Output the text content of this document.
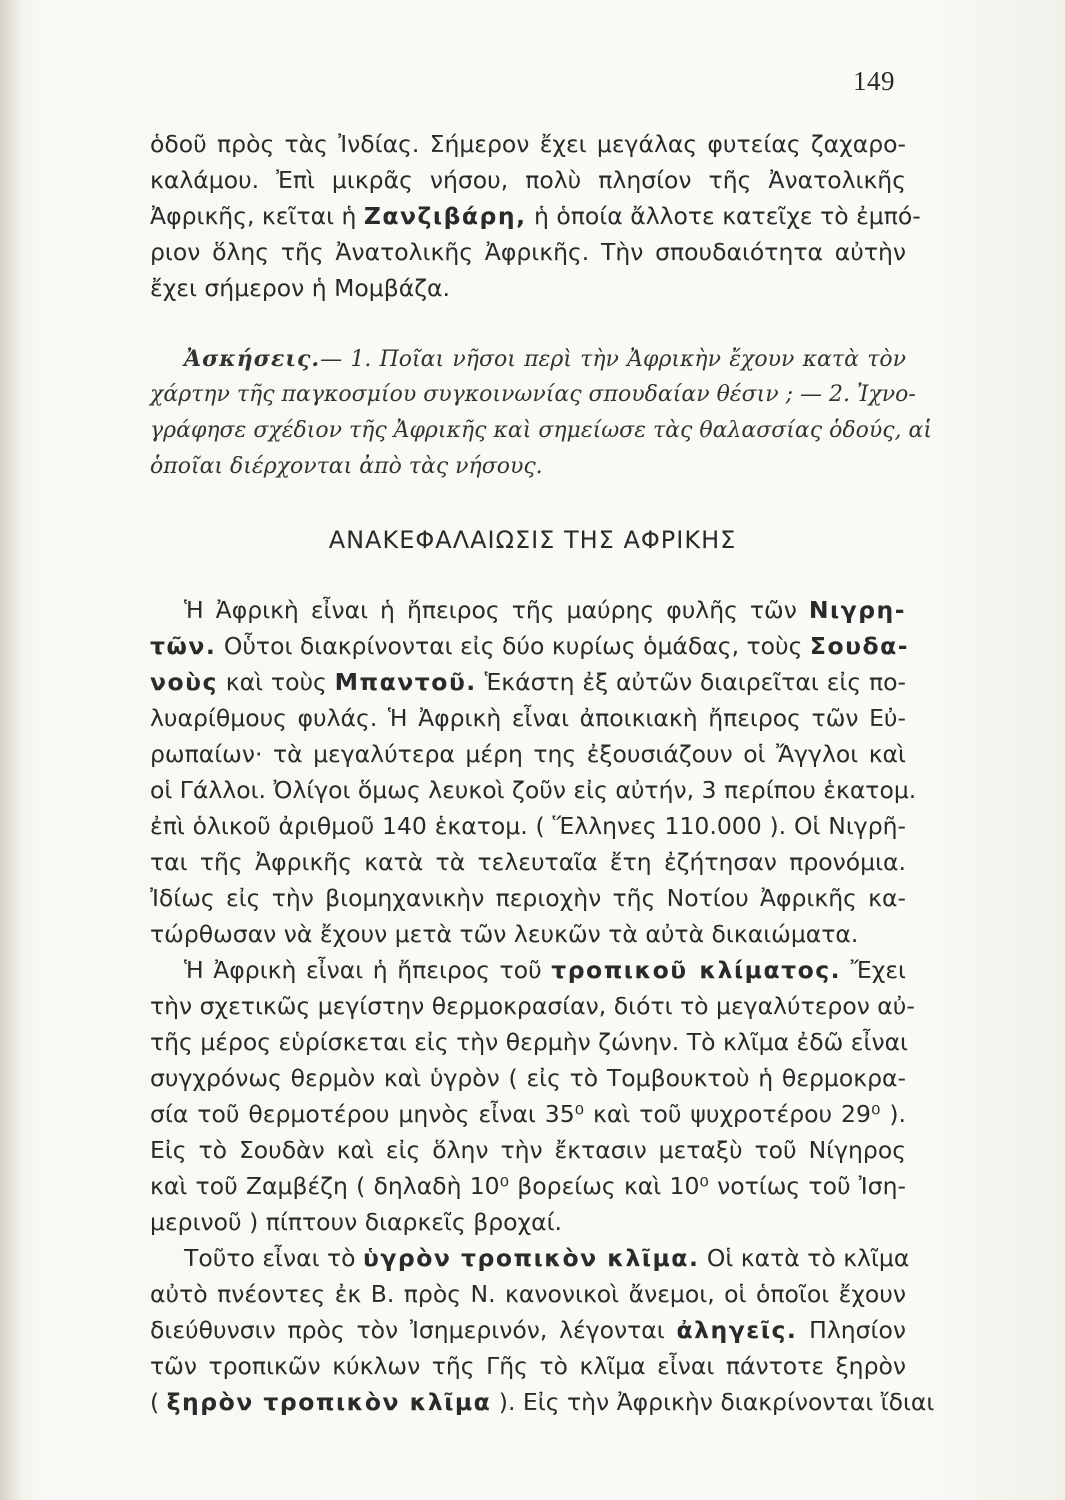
149
ὁδοῦ πρὸς τὰς Ἰνδίας. Σήμερον ἔχει μεγάλας φυτείας ζαχαρο-
καλάμου. Ἐπὶ μικρᾶς νήσου, πολὺ πλησίον τῆς Ἀνατολικῆς
Ἀφρικῆς, κεῖται ἡ Ζανζιβάρη, ἡ ὁποία ἄλλοτε κατεῖχε τὸ ἐμπό-
ριον ὅλης τῆς Ἀνατολικῆς Ἀφρικῆς. Τὴν σπουδαιότητα αὐτὴν
ἔχει σήμερον ἡ Μομβάζα.
Ἀσκήσεις.— 1. Ποῖαι νῆσοι περὶ τὴν Ἀφρικὴν ἔχουν κατὰ τὸν
χάρτην τῆς παγκοσμίου συγκοινωνίας σπουδαίαν θέσιν ; — 2. Ἰχνο-
γράφησε σχέδιον τῆς Ἀφρικῆς καὶ σημείωσε τὰς θαλασσίας ὁδούς, αἱ
ὁποῖαι διέρχονται ἀπὸ τὰς νήσους.
ΑΝΑΚΕΦΑΛΑΙΩΣΙΣ ΤΗΣ ΑΦΡΙΚΗΣ
Ἡ Ἀφρικὴ εἶναι ἡ ἤπειρος τῆς μαύρης φυλῆς τῶν Νιγρη-
τῶν. Οὗτοι διακρίνονται εἰς δύο κυρίως ὁμάδας, τοὺς Σουδα-
νοὺς καὶ τοὺς Μπαντοῦ. Ἑκάστη ἐξ αὐτῶν διαιρεῖται εἰς πο-
λυαρίθμους φυλάς. Ἡ Ἀφρικὴ εἶναι ἀποικιακὴ ἤπειρος τῶν Εὐ-
ρωπαίων· τὰ μεγαλύτερα μέρη της ἐξουσιάζουν οἱ Ἄγγλοι καὶ
οἱ Γάλλοι. Ὀλίγοι ὅμως λευκοὶ ζοῦν εἰς αὐτήν, 3 περίπου ἑκατομ.
ἐπὶ ὁλικοῦ ἀριθμοῦ 140 ἑκατομ. ( Ἕλληνες 110.000 ). Οἱ Νιγρῆ-
ται τῆς Ἀφρικῆς κατὰ τὰ τελευταῖα ἔτη ἐζήτησαν προνόμια.
Ἰδίως εἰς τὴν βιομηχανικὴν περιοχὴν τῆς Νοτίου Ἀφρικῆς κα-
τώρθωσαν νὰ ἔχουν μετὰ τῶν λευκῶν τὰ αὐτὰ δικαιώματα.
Ἡ Ἀφρικὴ εἶναι ἡ ἤπειρος τοῦ τροπικοῦ κλίματος. Ἔχει
τὴν σχετικῶς μεγίστην θερμοκρασίαν, διότι τὸ μεγαλύτερον αὐ-
τῆς μέρος εὑρίσκεται εἰς τὴν θερμὴν ζώνην. Τὸ κλῖμα ἐδῶ εἶναι
συγχρόνως θερμὸν καὶ ὑγρὸν ( εἰς τὸ Τομβουκτοὺ ἡ θερμοκρα-
σία τοῦ θερμοτέρου μηνὸς εἶναι 35⁰ καὶ τοῦ ψυχροτέρου 29⁰ ).
Εἰς τὸ Σουδὰν καὶ εἰς ὅλην τὴν ἔκτασιν μεταξὺ τοῦ Νίγηρος
καὶ τοῦ Ζαμβέζη ( δηλαδὴ 10⁰ βορείως καὶ 10⁰ νοτίως τοῦ Ἰση-
μερινοῦ ) πίπτουν διαρκεῖς βροχαί.
Τοῦτο εἶναι τὸ ὑγρὸν τροπικὸν κλῖμα. Οἱ κατὰ τὸ κλῖμα
αὐτὸ πνέοντες ἐκ Β. πρὸς Ν. κανονικοὶ ἄνεμοι, οἱ ὁποῖοι ἔχουν
διεύθυνσιν πρὸς τὸν Ἰσημερινόν, λέγονται ἀληγεῖς. Πλησίον
τῶν τροπικῶν κύκλων τῆς Γῆς τὸ κλῖμα εἶναι πάντοτε ξηρὸν
( ξηρὸν τροπικὸν κλῖμα ). Εἰς τὴν Ἀφρικὴν διακρίνονται ἴδιαι
